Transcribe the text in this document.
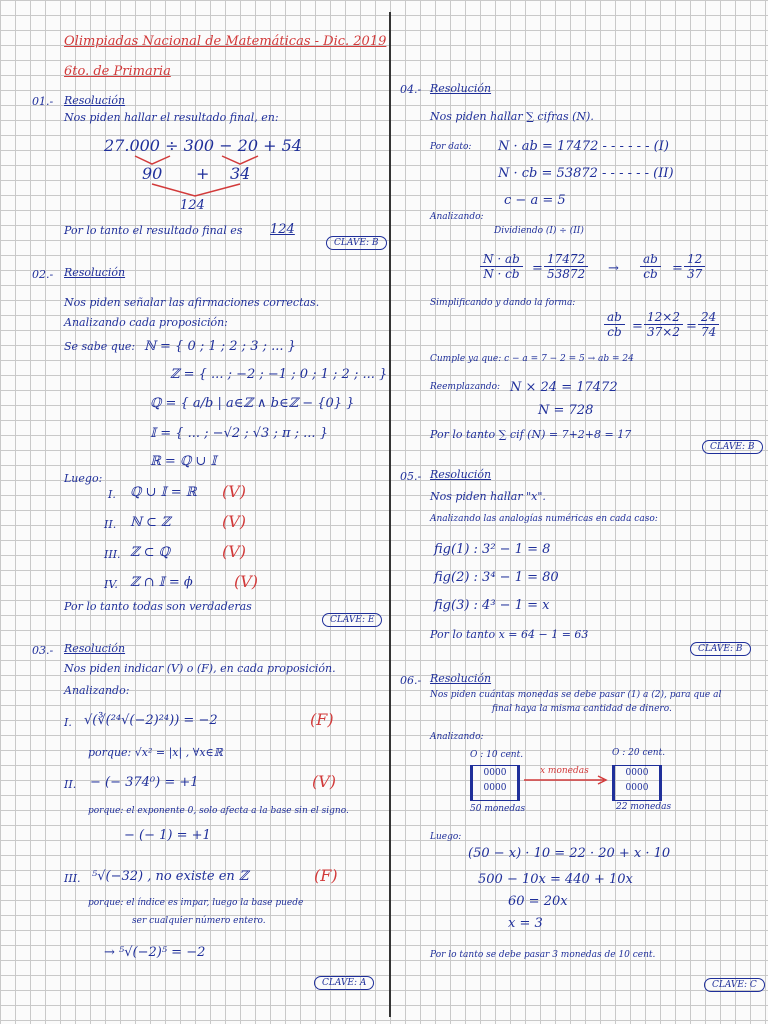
Olimpiadas Nacional de Matemáticas - Dic. 2019
6to. de Primaria
01.- Resolución
Nos piden hallar el resultado final, en:
27.000 ÷ 300 − 20 + 54
90 + 34
124
Por lo tanto el resultado final es 124
CLAVE: B
02.- Resolución
Nos piden señalar las afirmaciones correctas.
Analizando cada proposición:
Se sabe que: ℕ = { 0 ; 1 ; 2 ; 3 ; ... }
ℤ = { ... ; −2 ; −1 ; 0 ; 1 ; 2 ; ... }
ℚ = { a/b | a∈ℤ ∧ b∈ℤ − {0} }
𝕀 = { ... ; −√2 ; √3 ; π ; ... }
ℝ = ℚ ∪ 𝕀
Luego:
I. ℚ ∪ 𝕀 = ℝ (V)
II. ℕ ⊂ ℤ	(V)
III. ℤ ⊂ ℚ	(V)
IV. ℤ ∩ 𝕀 = ϕ	(V)
Por lo tanto todas son verdaderas
CLAVE: E
03.- Resolución
Nos piden indicar (V) o (F), en cada proposición.
Analizando:
I. √(∛(²⁴√(−2)²⁴)) = −2	(F)
porque: √x² = |x| , ∀x∈ℝ
II. − (− 374⁰) = +1	(V)
porque: el exponente 0, solo afecta a la base sin el signo.
− (− 1) = +1
III. ⁵√(−32) , no existe en ℤ	(F)
porque: el índice es impar, luego la base puede
ser cualquier número entero.
→ ⁵√(−2)⁵ = −2
CLAVE: A
04.- Resolución
Nos piden hallar ∑ cifras (N).
Por dato: N · ab = 17472 - - - - - - (I)
N · cb = 53872 - - - - - - (II)
c − a = 5
Analizando:
Dividiendo (I) ÷ (II)
$\frac{N \cdot ab}{N \cdot cb} = \frac{17472}{53872} \to \frac{ab}{cb} = \frac{12}{37}$
Simplificando y dando la forma:
$\frac{ab}{cb} = \frac{12\times 2}{37\times 2} = \frac{24}{74}$
Cumple ya que: c − a = 7 − 2 = 5 → ab = 24
Reemplazando: N × 24 = 17472
N = 728
Por lo tanto ∑ cif (N) = 7+2+8 = 17
CLAVE: B
05.- Resolución
Nos piden hallar "x".
Analizando las analogías numéricas en cada caso:
fig(1) : 3² − 1 = 8
fig(2) : 3⁴ − 1 = 80
fig(3) : 4³ − 1 = x
Por lo tanto x = 64 − 1 = 63
CLAVE: B
06.- Resolución
Nos piden cuántas monedas se debe pasar (1) a (2), para que al
final haya la misma cantidad de dinero.
Analizando:
O : 10 cent.	O : 20 cent.
0000
0000
0000
0000
x monedas
50 monedas	22 monedas
Luego:
(50 − x) · 10 = 22 · 20 + x · 10
500 − 10x = 440 + 10x
60 = 20x
x = 3
Por lo tanto se debe pasar 3 monedas de 10 cent.
CLAVE: C
